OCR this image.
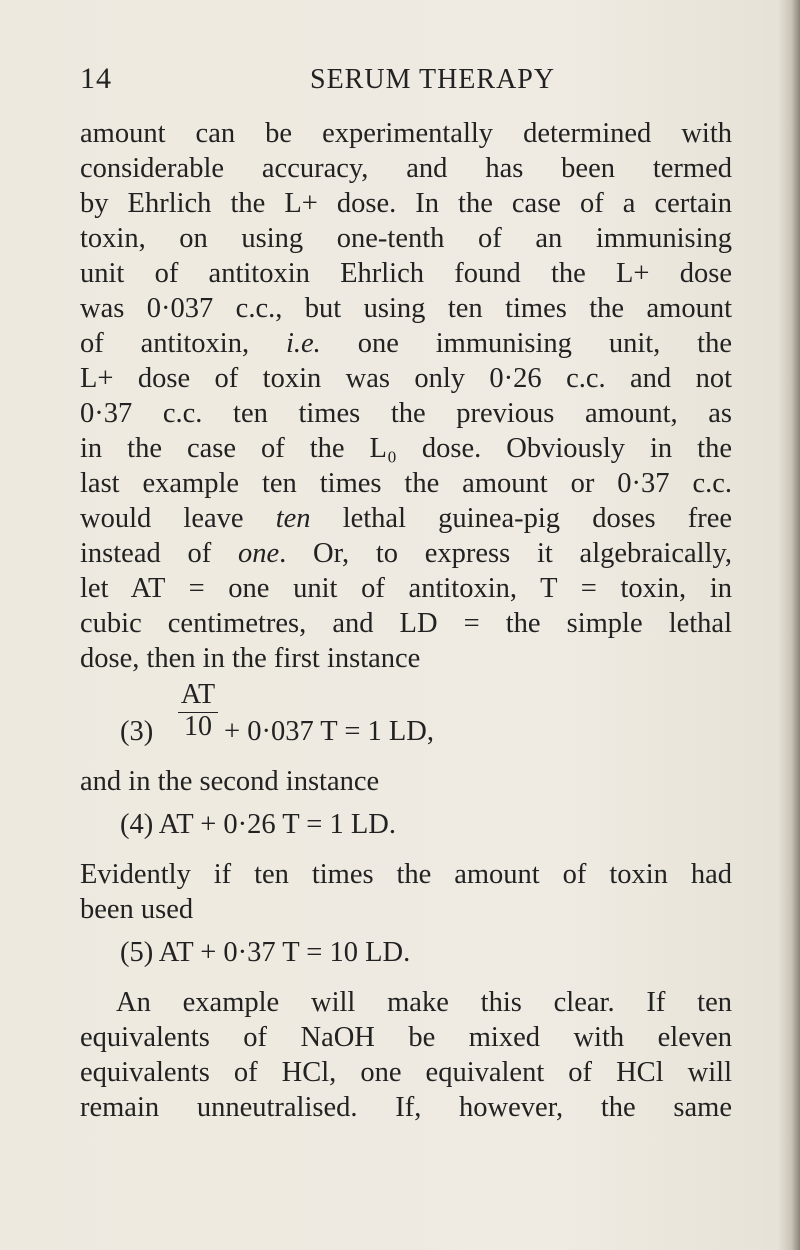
14	SERUM THERAPY
amount can be experimentally determined with
considerable accuracy, and has been termed
by Ehrlich the L+ dose. In the case of a certain
toxin, on using one-tenth of an immunising
unit of antitoxin Ehrlich found the L+ dose
was 0·037 c.c., but using ten times the amount
of antitoxin, i.e. one immunising unit, the
L+ dose of toxin was only 0·26 c.c. and not
0·37 c.c. ten times the previous amount, as
in the case of the L₀ dose. Obviously in the
last example ten times the amount or 0·37 c.c.
would leave ten lethal guinea-pig doses free
instead of one. Or, to express it algebraically,
let AT = one unit of antitoxin, T = toxin, in
cubic centimetres, and LD = the simple lethal
dose, then in the first instance
(3)
AT
10 + 0·037 T = 1 LD,
and in the second instance
(4) AT + 0·26 T = 1 LD.
Evidently if ten times the amount of toxin had
been used
(5) AT + 0·37 T = 10 LD.
An example will make this clear. If ten
equivalents of NaOH be mixed with eleven
equivalents of HCl, one equivalent of HCl will
remain unneutralised. If, however, the same
